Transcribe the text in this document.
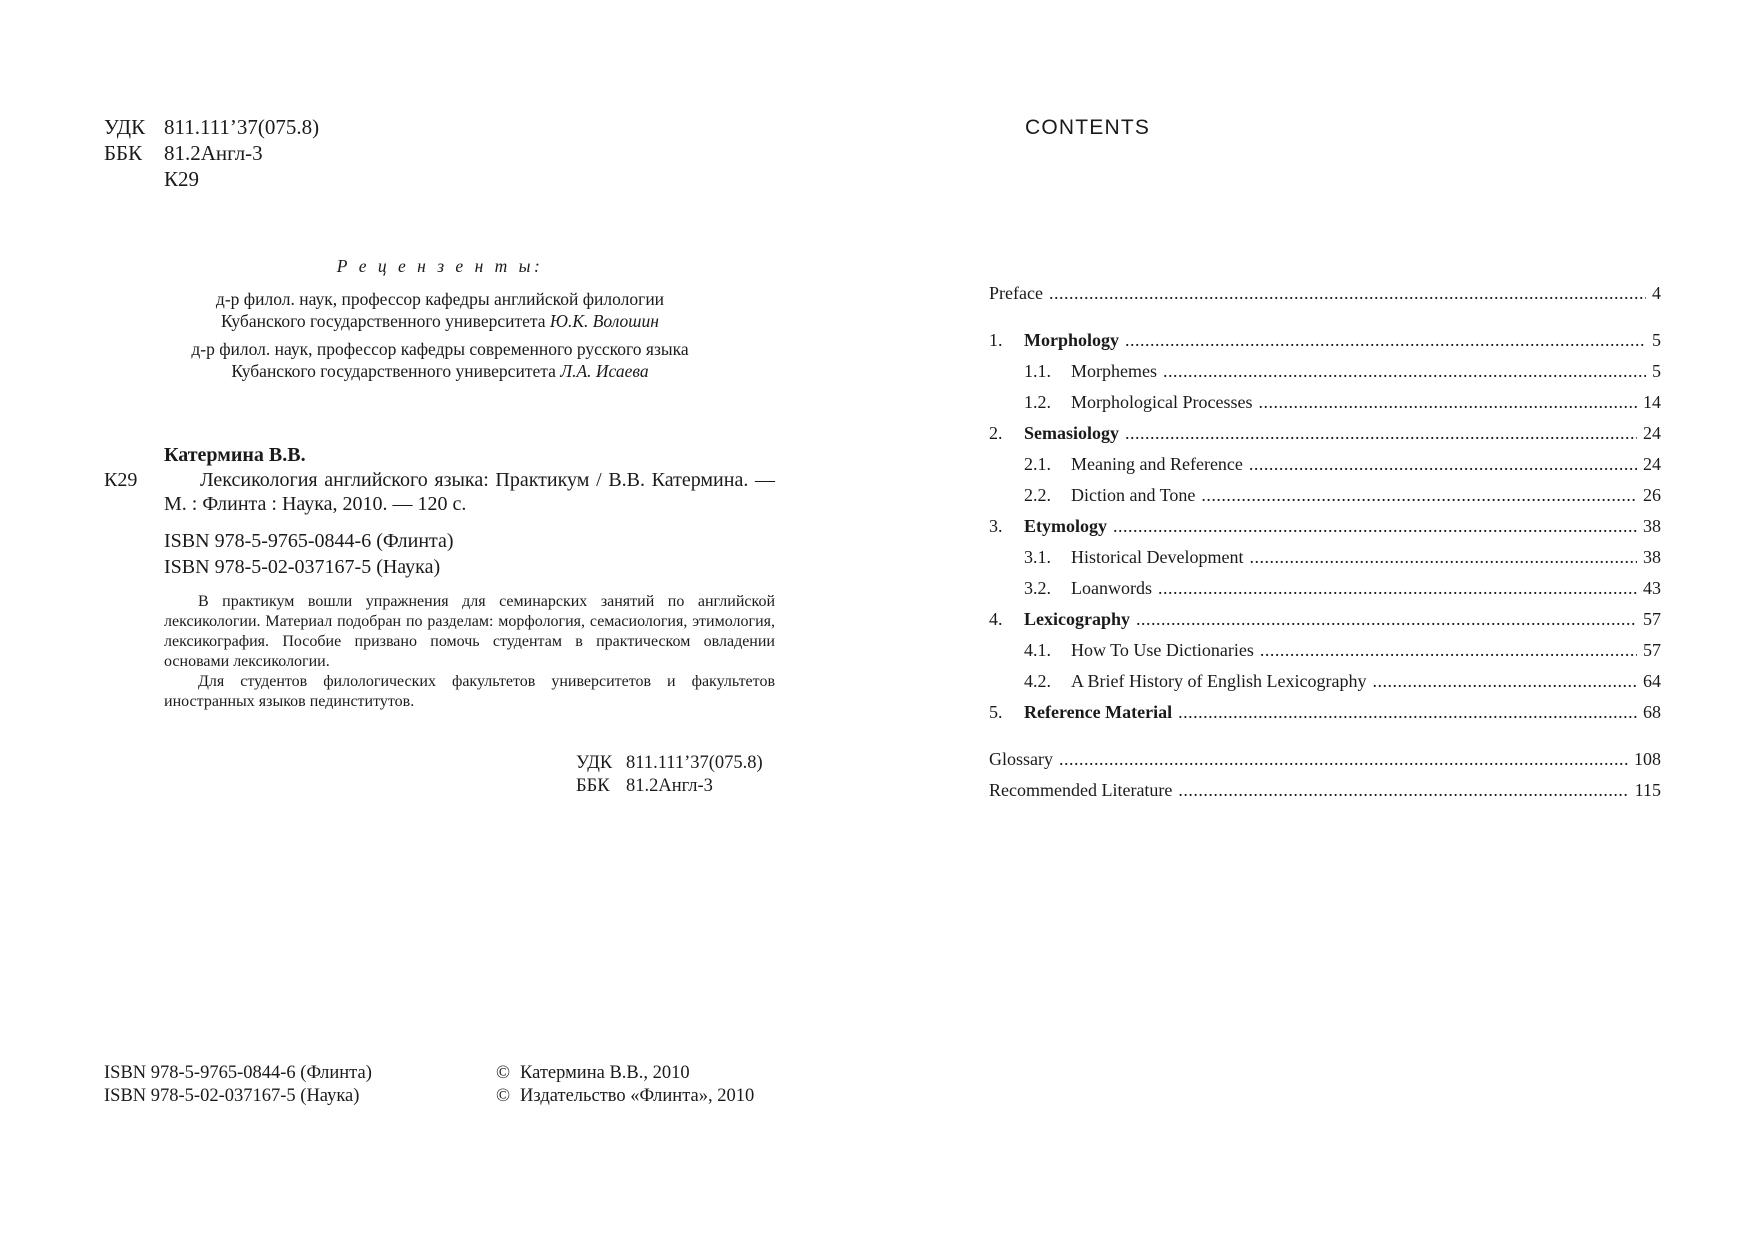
УДК 811.111’37(075.8)
ББК	81.2Англ-3
К29
Р е ц е н з е н т ы:
д-р филол. наук, профессор кафедры английской филологии
Кубанского государственного университета Ю.К. Волошин
д-р филол. наук, профессор кафедры современного русского языка
Кубанского государственного университета Л.А. Исаева
Катермина В.В.
К29	Лексикология английского языка: Практикум / В.В. Катермина. — М. : Флинта : Наука, 2010. — 120 с.
ISBN 978-5-9765-0844-6 (Флинта)
ISBN 978-5-02-037167-5 (Наука)

В практикум вошли упражнения для семинарских занятий по английской лексикологии. Материал подобран по разделам: морфология, семасиология, этимология, лексикография. Пособие призвано помочь студентам в практическом овладении основами лексикологии.

Для студентов филологических факультетов университетов и факультетов иностранных языков пединститутов.

УДК 811.111’37(075.8)
ББК 81.2Англ-3
ISBN 978-5-9765-0844-6 (Флинта)
ISBN 978-5-02-037167-5 (Наука)
© Катермина В.В., 2010
© Издательство «Флинта», 2010
CONTENTS
Preface .....	4
1.	Morphology .....	5
1.1.	Morphemes .....	5
1.2.	Morphological Processes .....	14
2.	Semasiology .....	24
2.1.	Meaning and Reference .....	24
2.2.	Diction and Tone .....	26
3.	Etymology .....	38
3.1.	Historical Development .....	38
3.2.	Loanwords .....	43
4.	Lexicography .....	57
4.1.	How To Use Dictionaries .....	57
4.2.	A Brief History of English Lexicography .....	64
5.	Reference Material .....	68
Glossary .....	108
Recommended Literature .....	115
